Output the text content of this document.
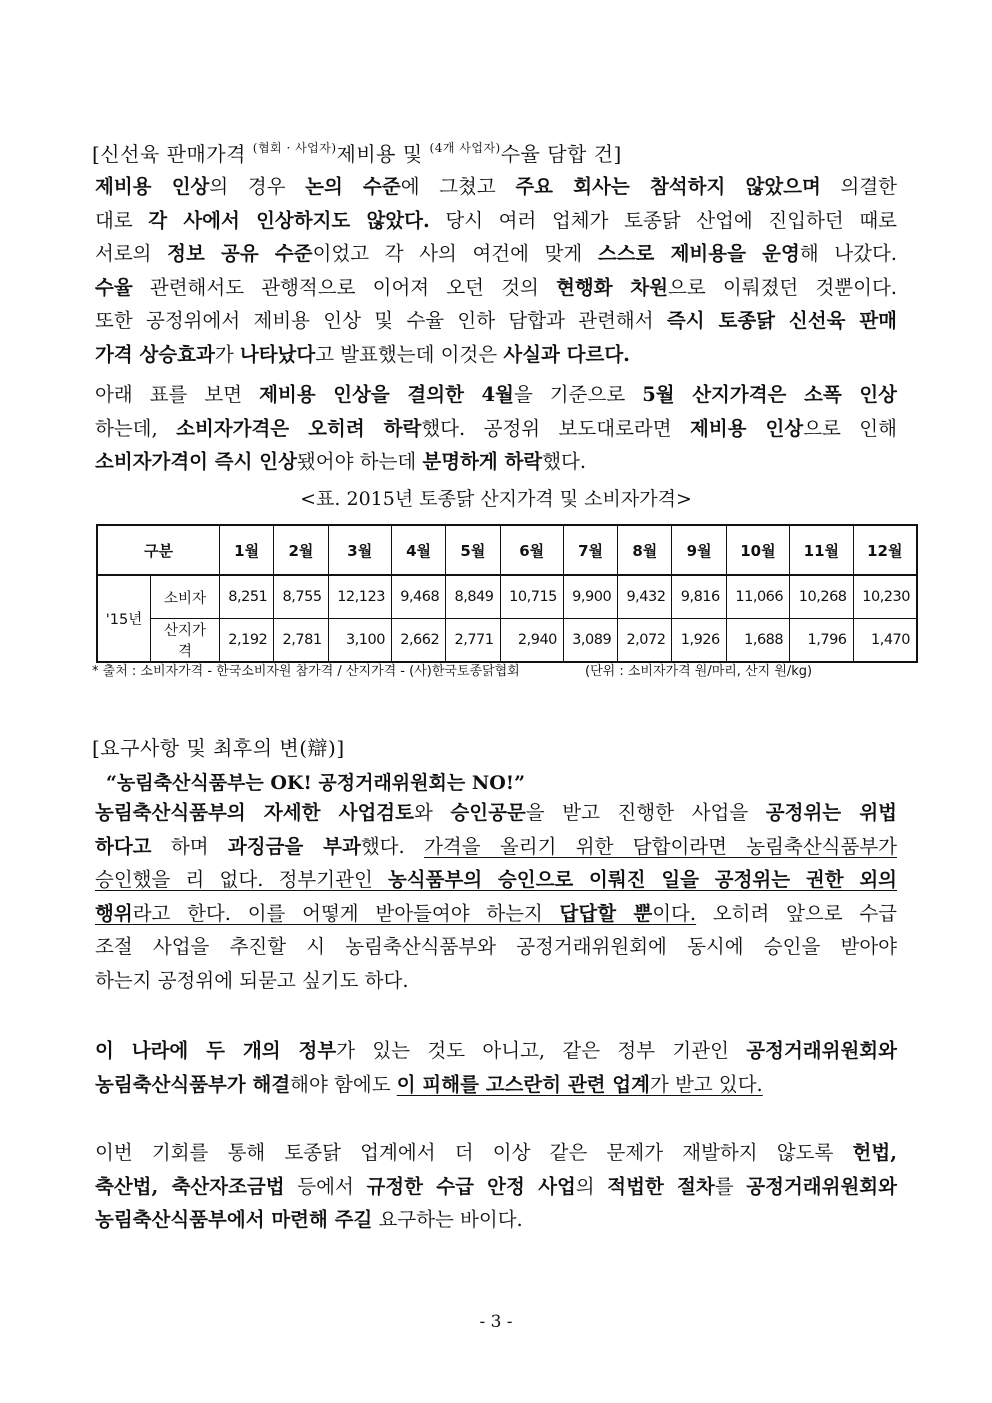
[신선육 판매가격 $^{(협회 \cdot 사업자)}$제비용 및 $^{(4개 사업자)}$수율 담합 건]
제비용 인상의 경우 논의 수준에 그쳤고 주요 회사는 참석하지 않았으며 의결한
대로 각 사에서 인상하지도 않았다. 당시 여러 업체가 토종닭 산업에 진입하던 때로
서로의 정보 공유 수준이었고 각 사의 여건에 맞게 스스로 제비용을 운영해 나갔다.
수율 관련해서도 관행적으로 이어져 오던 것의 현행화 차원으로 이뤄졌던 것뿐이다.
또한 공정위에서 제비용 인상 및 수율 인하 담합과 관련해서 즉시 토종닭 신선육 판매
가격 상승효과가 나타났다고 발표했는데 이것은 사실과 다르다.
아래 표를 보면 제비용 인상을 결의한 4월을 기준으로 5월 산지가격은 소폭 인상
하는데, 소비자가격은 오히려 하락했다. 공정위 보도대로라면 제비용 인상으로 인해
소비자가격이 즉시 인상됐어야 하는데 분명하게 하락했다.
<표. 2015년 토종닭 산지가격 및 소비자가격>
구분		1월	2월	3월	4월	5월	6월	7월	8월	9월	10월	11월	12월
'15년	소비자	8,251	8,755	12,123	9,468	8,849	10,715	9,900	9,432	9,816	11,066	10,268	10,230
	산지가격	2,192	2,781	3,100	2,662	2,771	2,940	3,089	2,072	1,926	1,688	1,796	1,470
* 출처 : 소비자가격 - 한국소비자원 참가격 / 산지가격 - (사)한국토종닭협회	(단위 : 소비자가격 원/마리, 산지 원/kg)
[요구사항 및 최후의 변(辯)]
“농림축산식품부는 OK! 공정거래위원회는 NO!”
농림축산식품부의 자세한 사업검토와 승인공문을 받고 진행한 사업을 공정위는 위법
하다고 하며 과징금을 부과했다. 가격을 올리기 위한 담합이라면 농림축산식품부가
승인했을 리 없다. 정부기관인 농식품부의 승인으로 이뤄진 일을 공정위는 권한 외의
행위라고 한다. 이를 어떻게 받아들여야 하는지 답답할 뿐이다. 오히려 앞으로 수급
조절 사업을 추진할 시 농림축산식품부와 공정거래위원회에 동시에 승인을 받아야
하는지 공정위에 되묻고 싶기도 하다.
이 나라에 두 개의 정부가 있는 것도 아니고, 같은 정부 기관인 공정거래위원회와
농림축산식품부가 해결해야 함에도 이 피해를 고스란히 관련 업계가 받고 있다.
이번 기회를 통해 토종닭 업계에서 더 이상 같은 문제가 재발하지 않도록 헌법,
축산법, 축산자조금법 등에서 규정한 수급 안정 사업의 적법한 절차를 공정거래위원회와
농림축산식품부에서 마련해 주길 요구하는 바이다.
- 3 -
